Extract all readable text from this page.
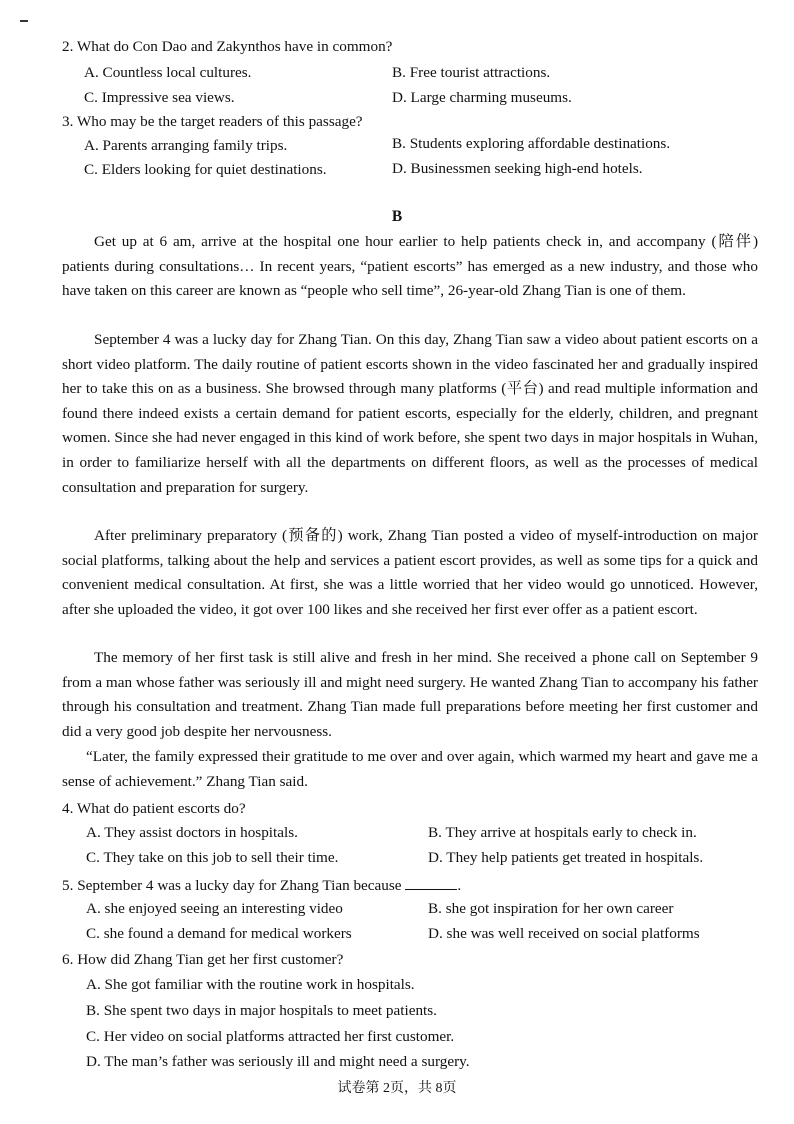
2. What do Con Dao and Zakynthos have in common?
A. Countless local cultures.	B. Free tourist attractions.
C. Impressive sea views.	D. Large charming museums.
3. Who may be the target readers of this passage?
A. Parents arranging family trips.	B. Students exploring affordable destinations.
C. Elders looking for quiet destinations.	D. Businessmen seeking high-end hotels.
B

Get up at 6 am, arrive at the hospital one hour earlier to help patients check in, and accompany (陪伴) patients during consultations… In recent years, “patient escorts” has emerged as a new industry, and those who have taken on this career are known as “people who sell time”, 26-year-old Zhang Tian is one of them.

September 4 was a lucky day for Zhang Tian. On this day, Zhang Tian saw a video about patient escorts on a short video platform. The daily routine of patient escorts shown in the video fascinated her and gradually inspired her to take this on as a business. She browsed through many platforms (平台) and read multiple information and found there indeed exists a certain demand for patient escorts, especially for the elderly, children, and pregnant women. Since she had never engaged in this kind of work before, she spent two days in major hospitals in Wuhan, in order to familiarize herself with all the departments on different floors, as well as the processes of medical consultation and preparation for surgery.

After preliminary preparatory (预备的) work, Zhang Tian posted a video of myself-introduction on major social platforms, talking about the help and services a patient escort provides, as well as some tips for a quick and convenient medical consultation. At first, she was a little worried that her video would go unnoticed. However, after she uploaded the video, it got over 100 likes and she received her first ever offer as a patient escort.

The memory of her first task is still alive and fresh in her mind. She received a phone call on September 9 from a man whose father was seriously ill and might need surgery. He wanted Zhang Tian to accompany his father through his consultation and treatment. Zhang Tian made full preparations before meeting her first customer and did a very good job despite her nervousness.

“Later, the family expressed their gratitude to me over and over again, which warmed my heart and gave me a sense of achievement.” Zhang Tian said.

4. What do patient escorts do?
A. They assist doctors in hospitals.	B. They arrive at hospitals early to check in.
C. They take on this job to sell their time.	D. They help patients get treated in hospitals.
5. September 4 was a lucky day for Zhang Tian because	.
A. she enjoyed seeing an interesting video	B. she got inspiration for her own career
C. she found a demand for medical workers	D. she was well received on social platforms
6. How did Zhang Tian get her first customer?
A. She got familiar with the routine work in hospitals.
B. She spent two days in major hospitals to meet patients.
C. Her video on social platforms attracted her first customer.
D. The man’s father was seriously ill and might need a surgery.
试卷第 2页，共 8页
